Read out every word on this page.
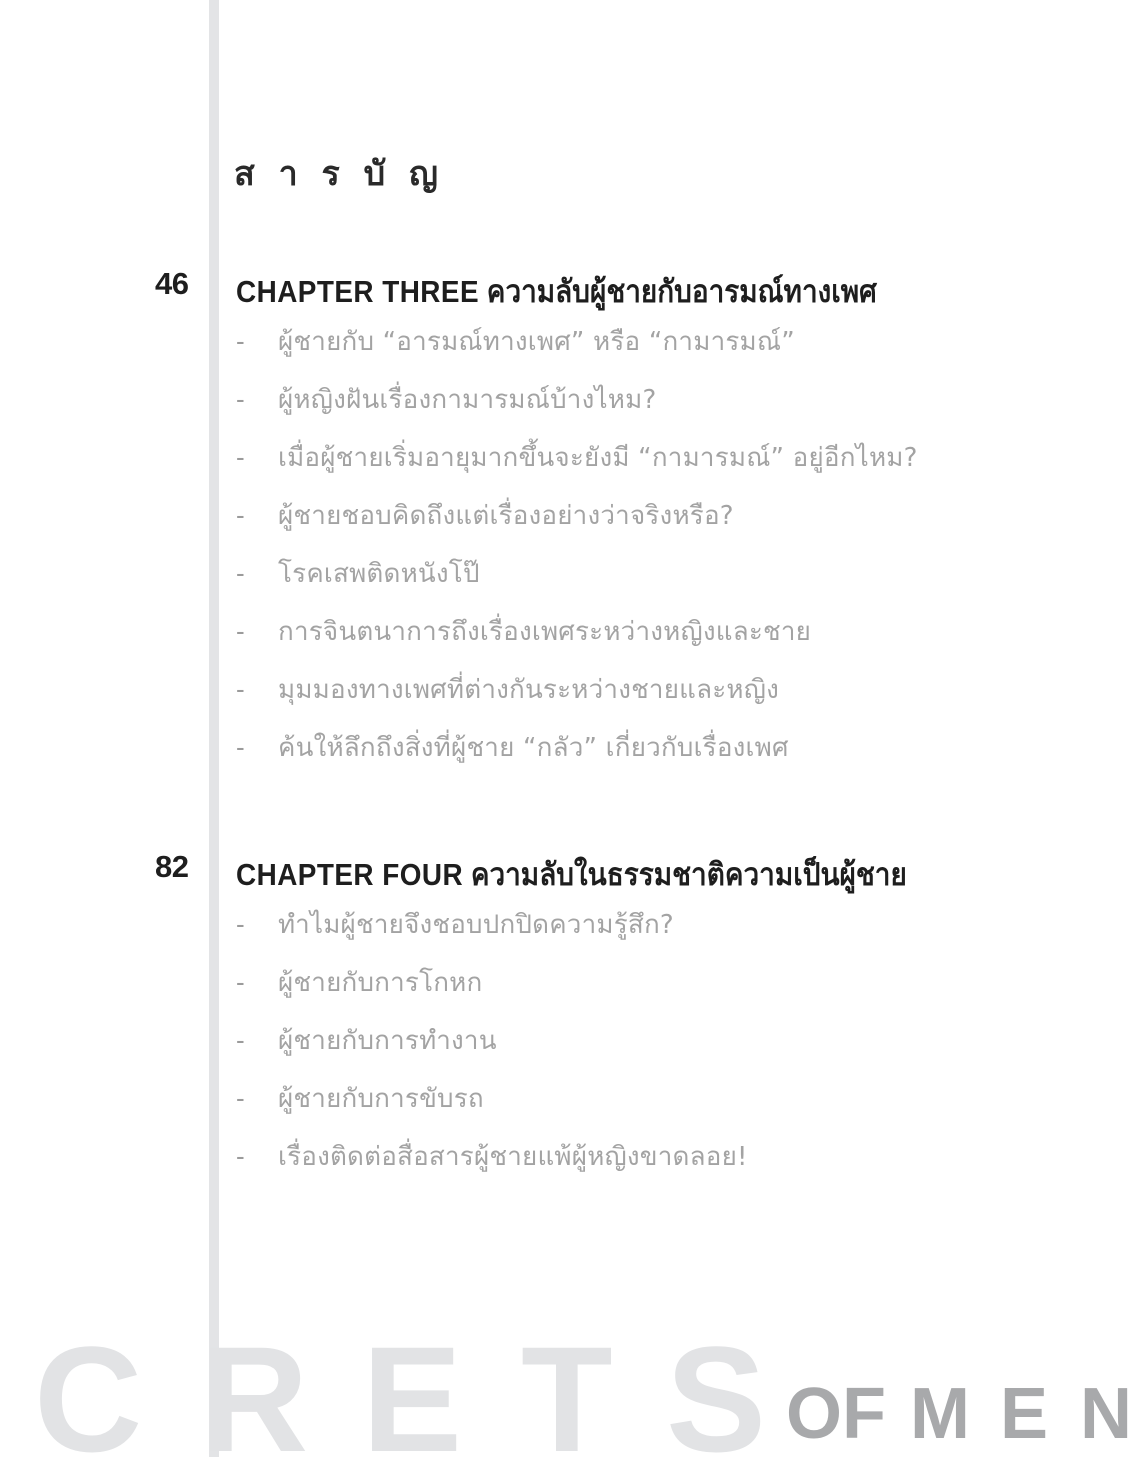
ส า ร บั ญ
46 CHAPTER THREE ความลับผู้ชายกับอารมณ์ทางเพศ
-	ผู้ชายกับ “อารมณ์ทางเพศ” หรือ “กามารมณ์”
-	ผู้หญิงฝันเรื่องกามารมณ์บ้างไหม?
-	เมื่อผู้ชายเริ่มอายุมากขึ้นจะยังมี “กามารมณ์” อยู่อีกไหม?
-	ผู้ชายชอบคิดถึงแต่เรื่องอย่างว่าจริงหรือ?
-	โรคเสพติดหนังโป๊
-	การจินตนาการถึงเรื่องเพศระหว่างหญิงและชาย
-	มุมมองทางเพศที่ต่างกันระหว่างชายและหญิง
-	ค้นให้ลึกถึงสิ่งที่ผู้ชาย “กลัว” เกี่ยวกับเรื่องเพศ
82 CHAPTER FOUR ความลับในธรรมชาติความเป็นผู้ชาย
-	ทำไมผู้ชายจึงชอบปกปิดความรู้สึก?
-	ผู้ชายกับการโกหก
-	ผู้ชายกับการทำงาน
-	ผู้ชายกับการขับรถ
-	เรื่องติดต่อสื่อสารผู้ชายแพ้ผู้หญิงขาดลอย!
C R E T S OF M E N
